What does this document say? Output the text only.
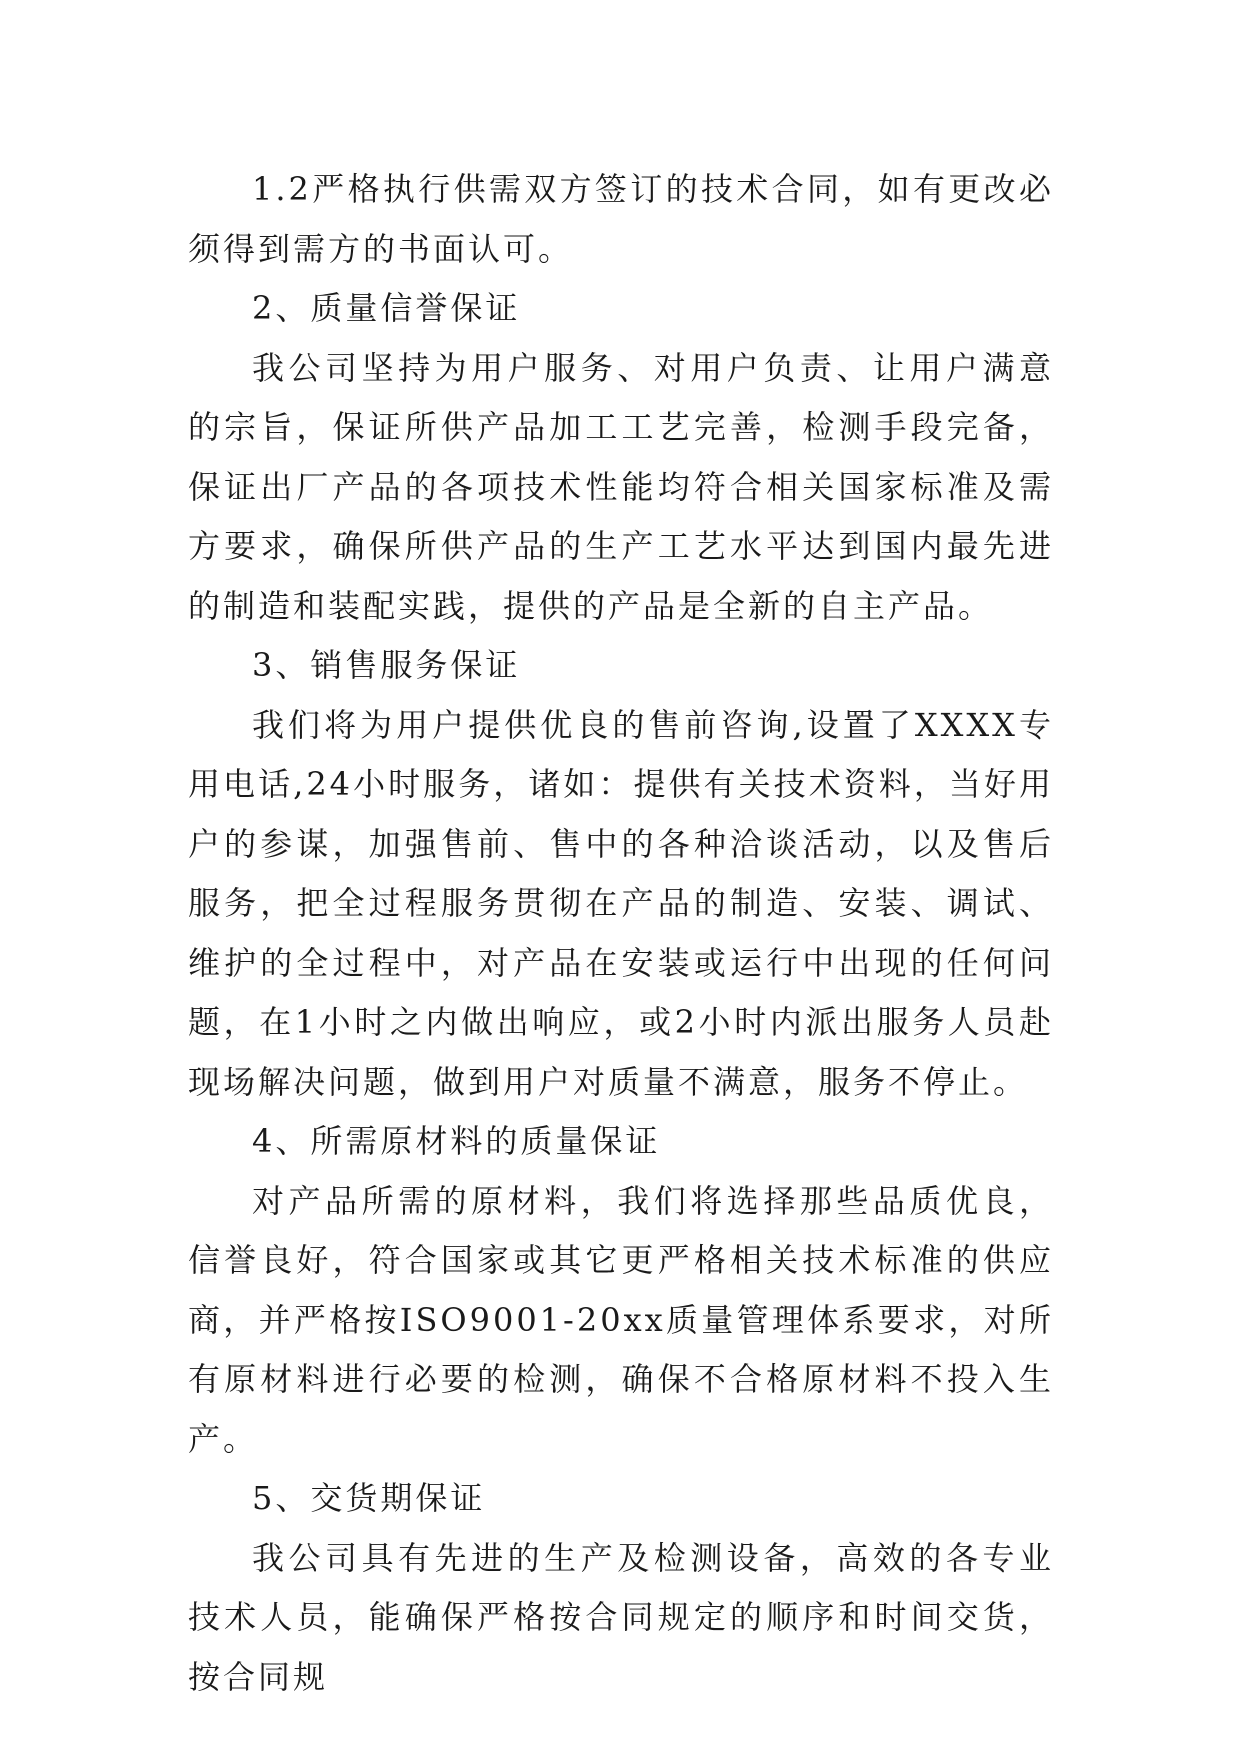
1.2严格执行供需双方签订的技术合同，如有更改必须得到需方的书面认可。

2、质量信誉保证

我公司坚持为用户服务、对用户负责、让用户满意的宗旨，保证所供产品加工工艺完善，检测手段完备，保证出厂产品的各项技术性能均符合相关国家标准及需方要求，确保所供产品的生产工艺水平达到国内最先进的制造和装配实践，提供的产品是全新的自主产品。

3、销售服务保证

我们将为用户提供优良的售前咨询,设置了XXXX专用电话,24小时服务，诸如：提供有关技术资料，当好用户的参谋，加强售前、售中的各种洽谈活动，以及售后服务，把全过程服务贯彻在产品的制造、安装、调试、维护的全过程中，对产品在安装或运行中出现的任何问题，在1小时之内做出响应，或2小时内派出服务人员赴现场解决问题，做到用户对质量不满意，服务不停止。

4、所需原材料的质量保证

对产品所需的原材料，我们将选择那些品质优良，信誉良好，符合国家或其它更严格相关技术标准的供应商，并严格按ISO9001-20xx质量管理体系要求，对所有原材料进行必要的检测，确保不合格原材料不投入生产。

5、交货期保证

我公司具有先进的生产及检测设备，高效的各专业技术人员，能确保严格按合同规定的顺序和时间交货，按合同规
